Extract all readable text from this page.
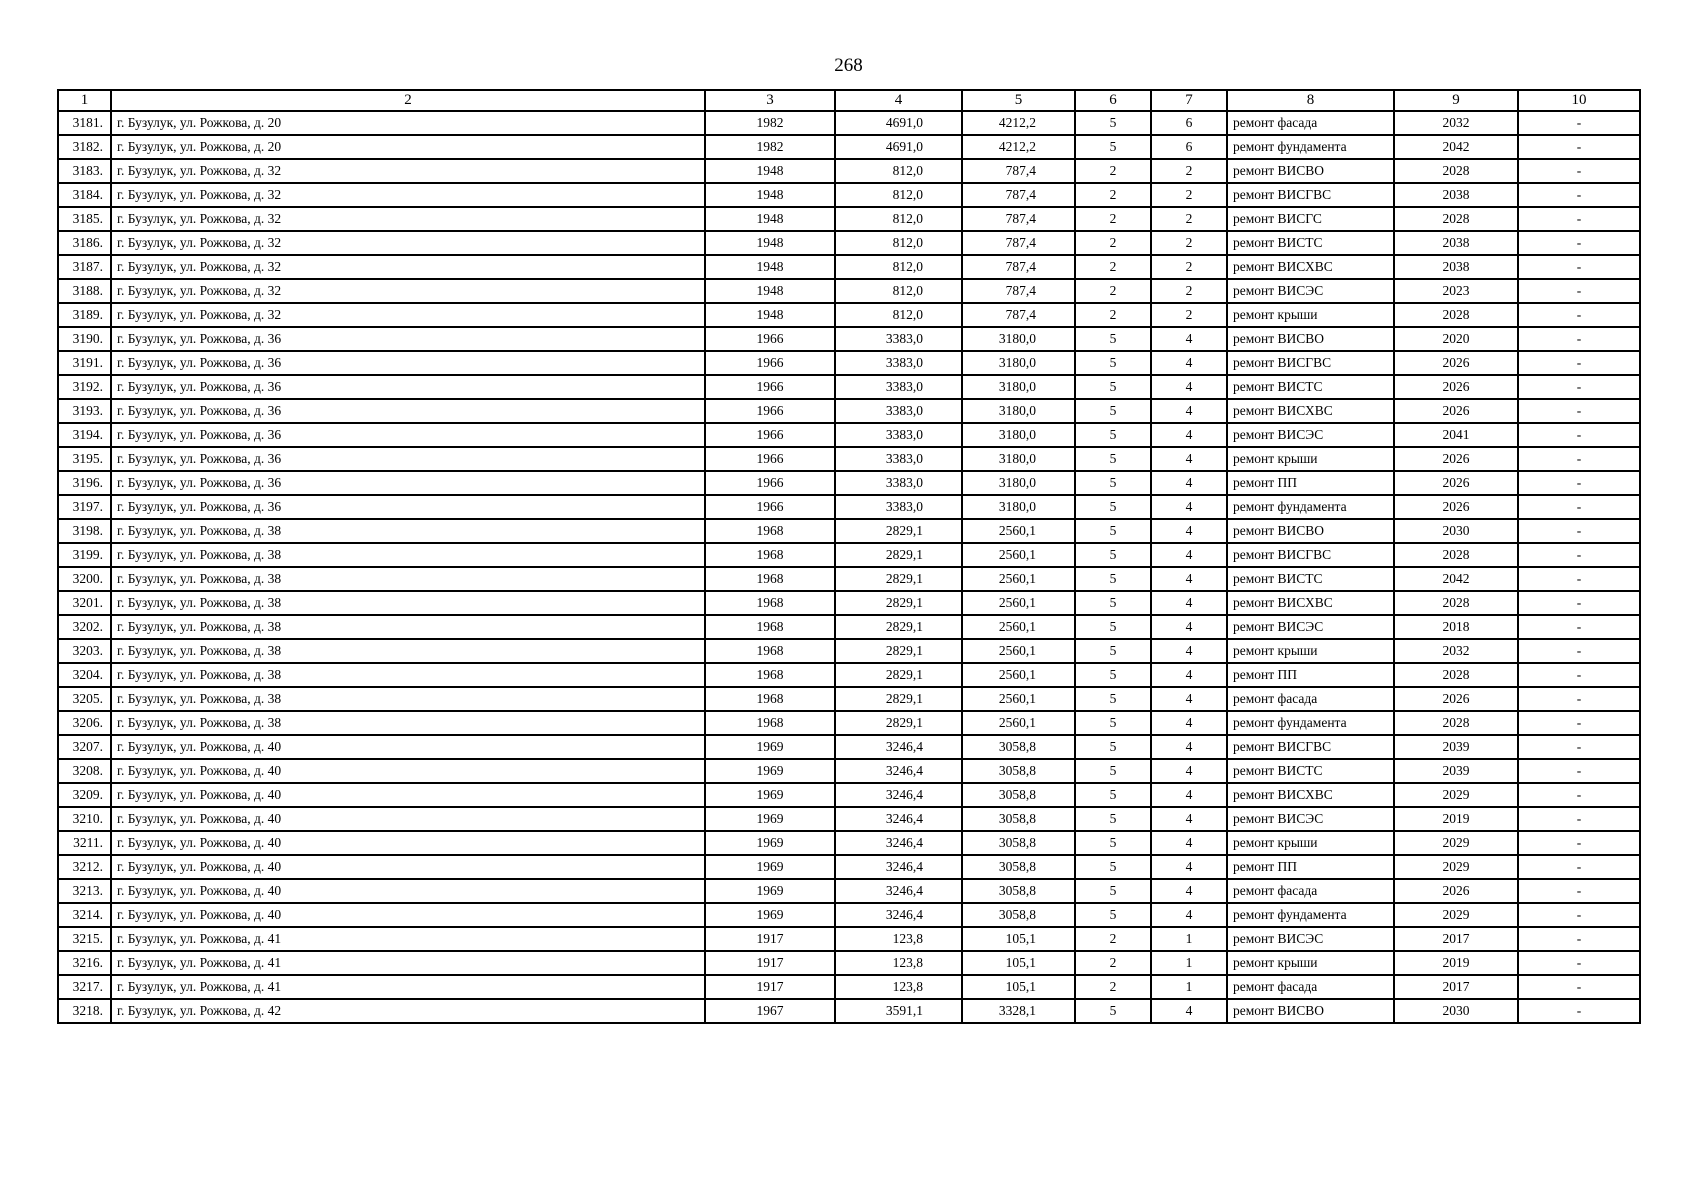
268
1	2	3	4	5	6	7	8	9	10
3181.	г. Бузулук, ул. Рожкова, д. 20	1982	4691,0	4212,2	5	6	ремонт фасада	2032	-
3182.	г. Бузулук, ул. Рожкова, д. 20	1982	4691,0	4212,2	5	6	ремонт фундамента	2042	-
3183.	г. Бузулук, ул. Рожкова, д. 32	1948	812,0	787,4	2	2	ремонт ВИСВО	2028	-
3184.	г. Бузулук, ул. Рожкова, д. 32	1948	812,0	787,4	2	2	ремонт ВИСГВС	2038	-
3185.	г. Бузулук, ул. Рожкова, д. 32	1948	812,0	787,4	2	2	ремонт ВИСГС	2028	-
3186.	г. Бузулук, ул. Рожкова, д. 32	1948	812,0	787,4	2	2	ремонт ВИСТС	2038	-
3187.	г. Бузулук, ул. Рожкова, д. 32	1948	812,0	787,4	2	2	ремонт ВИСХВС	2038	-
3188.	г. Бузулук, ул. Рожкова, д. 32	1948	812,0	787,4	2	2	ремонт ВИСЭС	2023	-
3189.	г. Бузулук, ул. Рожкова, д. 32	1948	812,0	787,4	2	2	ремонт крыши	2028	-
3190.	г. Бузулук, ул. Рожкова, д. 36	1966	3383,0	3180,0	5	4	ремонт ВИСВО	2020	-
3191.	г. Бузулук, ул. Рожкова, д. 36	1966	3383,0	3180,0	5	4	ремонт ВИСГВС	2026	-
3192.	г. Бузулук, ул. Рожкова, д. 36	1966	3383,0	3180,0	5	4	ремонт ВИСТС	2026	-
3193.	г. Бузулук, ул. Рожкова, д. 36	1966	3383,0	3180,0	5	4	ремонт ВИСХВС	2026	-
3194.	г. Бузулук, ул. Рожкова, д. 36	1966	3383,0	3180,0	5	4	ремонт ВИСЭС	2041	-
3195.	г. Бузулук, ул. Рожкова, д. 36	1966	3383,0	3180,0	5	4	ремонт крыши	2026	-
3196.	г. Бузулук, ул. Рожкова, д. 36	1966	3383,0	3180,0	5	4	ремонт ПП	2026	-
3197.	г. Бузулук, ул. Рожкова, д. 36	1966	3383,0	3180,0	5	4	ремонт фундамента	2026	-
3198.	г. Бузулук, ул. Рожкова, д. 38	1968	2829,1	2560,1	5	4	ремонт ВИСВО	2030	-
3199.	г. Бузулук, ул. Рожкова, д. 38	1968	2829,1	2560,1	5	4	ремонт ВИСГВС	2028	-
3200.	г. Бузулук, ул. Рожкова, д. 38	1968	2829,1	2560,1	5	4	ремонт ВИСТС	2042	-
3201.	г. Бузулук, ул. Рожкова, д. 38	1968	2829,1	2560,1	5	4	ремонт ВИСХВС	2028	-
3202.	г. Бузулук, ул. Рожкова, д. 38	1968	2829,1	2560,1	5	4	ремонт ВИСЭС	2018	-
3203.	г. Бузулук, ул. Рожкова, д. 38	1968	2829,1	2560,1	5	4	ремонт крыши	2032	-
3204.	г. Бузулук, ул. Рожкова, д. 38	1968	2829,1	2560,1	5	4	ремонт ПП	2028	-
3205.	г. Бузулук, ул. Рожкова, д. 38	1968	2829,1	2560,1	5	4	ремонт фасада	2026	-
3206.	г. Бузулук, ул. Рожкова, д. 38	1968	2829,1	2560,1	5	4	ремонт фундамента	2028	-
3207.	г. Бузулук, ул. Рожкова, д. 40	1969	3246,4	3058,8	5	4	ремонт ВИСГВС	2039	-
3208.	г. Бузулук, ул. Рожкова, д. 40	1969	3246,4	3058,8	5	4	ремонт ВИСТС	2039	-
3209.	г. Бузулук, ул. Рожкова, д. 40	1969	3246,4	3058,8	5	4	ремонт ВИСХВС	2029	-
3210.	г. Бузулук, ул. Рожкова, д. 40	1969	3246,4	3058,8	5	4	ремонт ВИСЭС	2019	-
3211.	г. Бузулук, ул. Рожкова, д. 40	1969	3246,4	3058,8	5	4	ремонт крыши	2029	-
3212.	г. Бузулук, ул. Рожкова, д. 40	1969	3246,4	3058,8	5	4	ремонт ПП	2029	-
3213.	г. Бузулук, ул. Рожкова, д. 40	1969	3246,4	3058,8	5	4	ремонт фасада	2026	-
3214.	г. Бузулук, ул. Рожкова, д. 40	1969	3246,4	3058,8	5	4	ремонт фундамента	2029	-
3215.	г. Бузулук, ул. Рожкова, д. 41	1917	123,8	105,1	2	1	ремонт ВИСЭС	2017	-
3216.	г. Бузулук, ул. Рожкова, д. 41	1917	123,8	105,1	2	1	ремонт крыши	2019	-
3217.	г. Бузулук, ул. Рожкова, д. 41	1917	123,8	105,1	2	1	ремонт фасада	2017	-
3218.	г. Бузулук, ул. Рожкова, д. 42	1967	3591,1	3328,1	5	4	ремонт ВИСВО	2030	-
